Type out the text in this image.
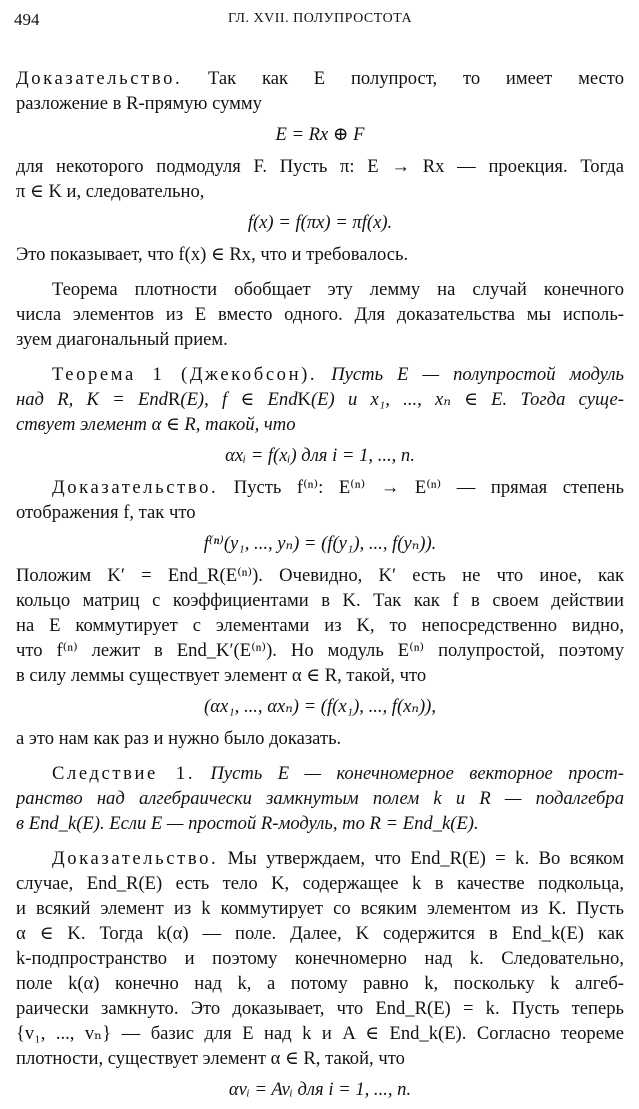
494	ГЛ. XVII. ПОЛУПРОСТОТА
Доказательство. Так как E полупрост, то имеет место
разложение в R-прямую сумму
E = Rx ⊕ F
для некоторого подмодуля F. Пусть π: E → Rx — проекция. Тогда
π ∈ K и, следовательно,
f(x) = f(πx) = πf(x).
Это показывает, что f(x) ∈ Rx, что и требовалось.
Теорема плотности обобщает эту лемму на случай конечного
числа элементов из E вместо одного. Для доказательства мы исполь-
зуем диагональный прием.
Теорема 1 (Джекобсон). Пусть E — полупростой модуль
над R, K = EndR(E), f ∈ EndK(E) и x₁, ..., xₙ ∈ E. Тогда суще-
ствует элемент α ∈ R, такой, что
αxᵢ = f(xᵢ) для i = 1, ..., n.
Доказательство. Пусть f⁽ⁿ⁾: E⁽ⁿ⁾ → E⁽ⁿ⁾ — прямая степень
отображения f, так что
f⁽ⁿ⁾(y₁, ..., yₙ) = (f(y₁), ..., f(yₙ)).
Положим K′ = End_R(E⁽ⁿ⁾). Очевидно, K′ есть не что иное, как
кольцо матриц с коэффициентами в K. Так как f в своем действии
на E коммутирует с элементами из K, то непосредственно видно,
что f⁽ⁿ⁾ лежит в End_K′(E⁽ⁿ⁾). Но модуль E⁽ⁿ⁾ полупростой, поэтому
в силу леммы существует элемент α ∈ R, такой, что
(αx₁, ..., αxₙ) = (f(x₁), ..., f(xₙ)),
а это нам как раз и нужно было доказать.
Следствие 1. Пусть E — конечномерное векторное прост-
ранство над алгебраически замкнутым полем k и R — подалгебра
в End_k(E). Если E — простой R-модуль, то R = End_k(E).
Доказательство. Мы утверждаем, что End_R(E) = k. Во всяком
случае, End_R(E) есть тело K, содержащее k в качестве подкольца,
и всякий элемент из k коммутирует со всяким элементом из K. Пусть
α ∈ K. Тогда k(α) — поле. Далее, K содержится в End_k(E) как
k-подпространство и поэтому конечномерно над k. Следовательно,
поле k(α) конечно над k, а потому равно k, поскольку k алгеб-
раически замкнуто. Это доказывает, что End_R(E) = k. Пусть теперь
{v₁, ..., vₙ} — базис для E над k и A ∈ End_k(E). Согласно теореме
плотности, существует элемент α ∈ R, такой, что
αvᵢ = Avᵢ для i = 1, ..., n.
